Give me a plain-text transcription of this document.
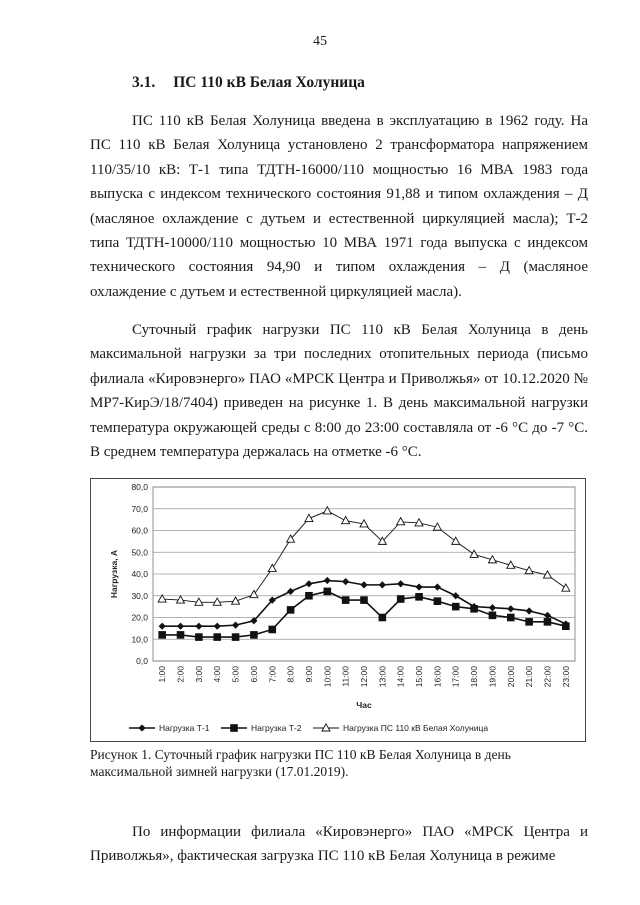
45
3.1. ПС 110 кВ Белая Холуница

ПС 110 кВ Белая Холуница введена в эксплуатацию в 1962 году. На ПС 110 кВ Белая Холуница установлено 2 трансформатора напряжением 110/35/10 кВ: Т-1 типа ТДТН-16000/110 мощностью 16 МВА 1983 года выпуска с индексом технического состояния 91,88 и типом охлаждения – Д (масляное охлаждение с дутьем и естественной циркуляцией масла); Т-2 типа ТДТН-10000/110 мощностью 10 МВА 1971 года выпуска с индексом технического состояния 94,90 и типом охлаждения – Д (масляное охлаждение с дутьем и естественной циркуляцией масла).

Суточный график нагрузки ПС 110 кВ Белая Холуница в день максимальной нагрузки за три последних отопительных периода (письмо филиала «Кировэнерго» ПАО «МРСК Центра и Приволжья» от 10.12.2020 № МР7-КирЭ/18/7404) приведен на рисунке 1. В день максимальной нагрузки температура окружающей среды с 8:00 до 23:00 составляла от -6 °С до -7 °С. В среднем температура держалась на отметке -6 °С.

0,0
10,0
20,0
30,0
40,0
50,0
60,0
70,0
80,0
1:00 2:00 3:00 4:00 5:00 6:00 7:00 8:00 9:00 10:00 11:00 12:00 13:00 14:00 15:00 16:00 17:00 18:00 19:00 20:00 21:00 22:00 23:00
Нагрузка, А
Час
Нагрузка Т-1	Нагрузка Т-2	Нагрузка ПС 110 кВ Белая Холуница

Рисунок 1. Суточный график нагрузки ПС 110 кВ Белая Холуница в день максимальной зимней нагрузки (17.01.2019).

По информации филиала «Кировэнерго» ПАО «МРСК Центра и Приволжья», фактическая загрузка ПС 110 кВ Белая Холуница в режиме
